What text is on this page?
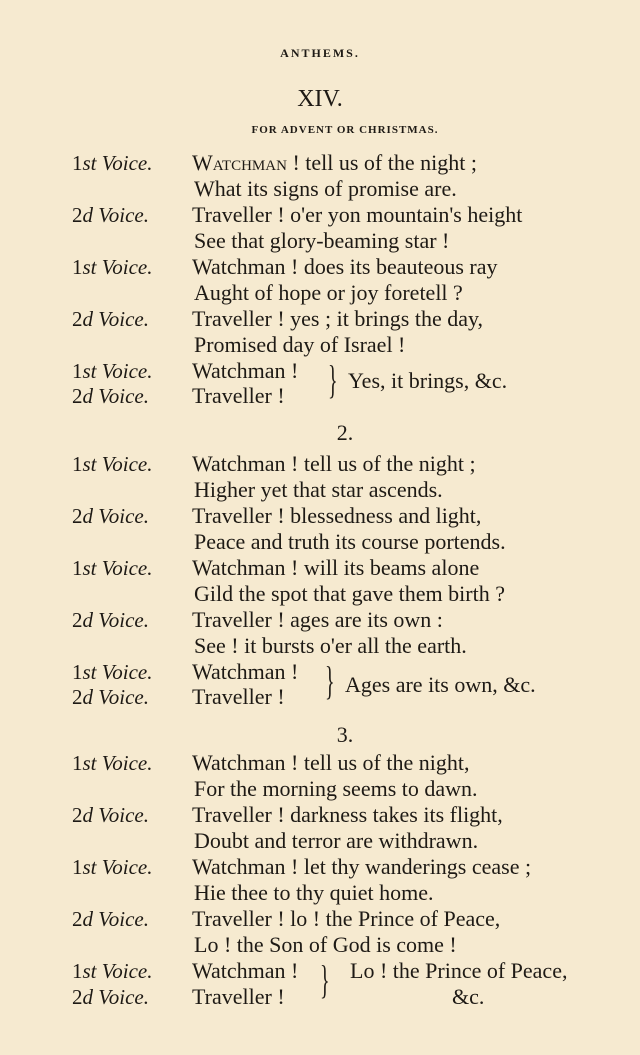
ANTHEMS.
XIV.
FOR ADVENT OR CHRISTMAS.
1st Voice. Watchman ! tell us of the night ;
What its signs of promise are.
2d Voice. Traveller ! o'er yon mountain's height
See that glory-beaming star !
1st Voice. Watchman ! does its beauteous ray
Aught of hope or joy foretell ?
2d Voice. Traveller ! yes ; it brings the day,
Promised day of Israel !
1st Voice. Watchman !
2d Voice. Traveller ! } Yes, it brings, &c.
2.
1st Voice. Watchman ! tell us of the night ;
Higher yet that star ascends.
2d Voice. Traveller ! blessedness and light,
Peace and truth its course portends.
1st Voice. Watchman ! will its beams alone
Gild the spot that gave them birth ?
2d Voice. Traveller ! ages are its own :
See ! it bursts o'er all the earth.
1st Voice. Watchman !
2d Voice. Traveller ! } Ages are its own, &c.
3.
1st Voice. Watchman ! tell us of the night,
For the morning seems to dawn.
2d Voice. Traveller ! darkness takes its flight,
Doubt and terror are withdrawn.
1st Voice. Watchman ! let thy wanderings cease ;
Hie thee to thy quiet home.
2d Voice. Traveller ! lo ! the Prince of Peace,
Lo ! the Son of God is come !
1st Voice. Watchman !
2d Voice. Traveller ! } Lo ! the Prince of Peace,
&c.
